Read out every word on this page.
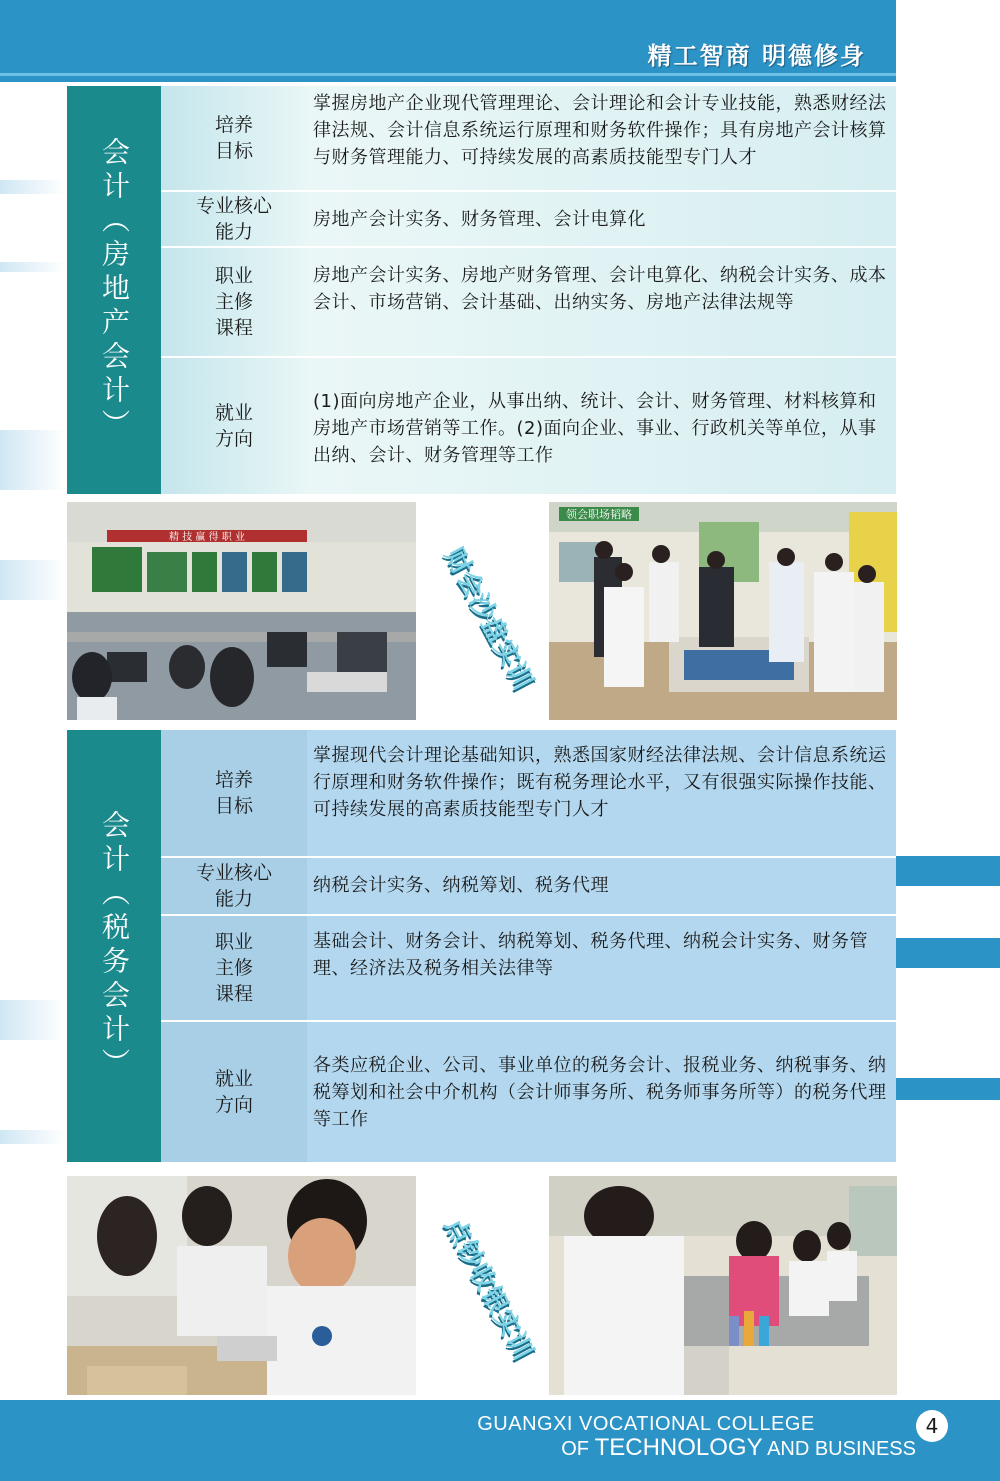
精工智商 明德修身
会计（房地产会计）
培养
目标
掌握房地产企业现代管理理论、会计理论和会计专业技能，熟悉财经法律法规、会计信息系统运行原理和财务软件操作；具有房地产会计核算与财务管理能力、可持续发展的高素质技能型专门人才
专业核心
能力
房地产会计实务、财务管理、会计电算化
职业
主修
课程
房地产会计实务、房地产财务管理、会计电算化、纳税会计实务、成本会计、市场营销、会计基础、出纳实务、房地产法律法规等
就业
方向
(1)面向房地产企业，从事出纳、统计、会计、财务管理、材料核算和房地产市场营销等工作。(2)面向企业、事业、行政机关等单位，从事出纳、会计、财务管理等工作
精 技 赢 得 职 业
财会沙盘实训
领会职场韬略
会计（税务会计）
培养
目标
掌握现代会计理论基础知识，熟悉国家财经法律法规、会计信息系统运行原理和财务软件操作；既有税务理论水平，又有很强实际操作技能、可持续发展的高素质技能型专门人才
专业核心
能力
纳税会计实务、纳税筹划、税务代理
职业
主修
课程
基础会计、财务会计、纳税筹划、税务代理、纳税会计实务、财务管理、经济法及税务相关法律等
就业
方向
各类应税企业、公司、事业单位的税务会计、报税业务、纳税事务、纳税筹划和社会中介机构（会计师事务所、税务师事务所等）的税务代理等工作
点钞收银实训
GUANGXI VOCATIONAL COLLEGE
OF TECHNOLOGY AND BUSINESS
4
